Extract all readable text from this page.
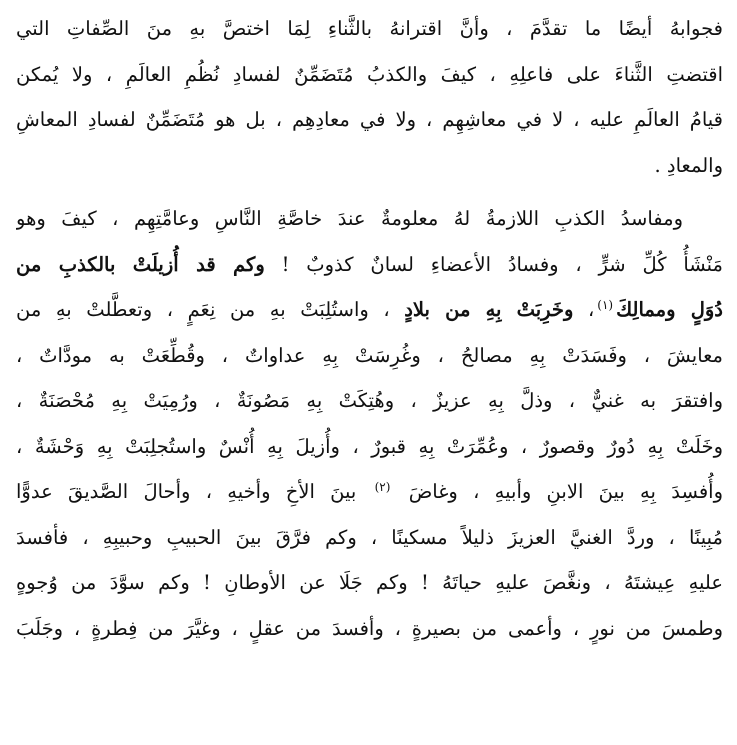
فجوابهُ أيضًا ما تقدَّمَ ، وأنَّ اقترانهُ بالثَّناءِ لِمَا اختصَّ بهِ منَ الصِّفاتِ التي
اقتضتِ الثَّناءَ على فاعلِهِ ، كيفَ والكذبُ مُتَضَمِّنٌ لفسادِ نُظُمِ العالَمِ ، ولا يُمكن
قيامُ العالَمِ عليه ، لا في معاشِهِم ، ولا في معادِهِم ، بل هو مُتَضَمِّنٌ لفسادِ المعاشِ
والمعادِ .
ومفاسدُ الكذبِ اللازمةُ لهُ معلومةٌ عندَ خاصَّةِ النَّاسِ وعامَّتِهِم ، كيفَ وهو
مَنْشَأُ كُلِّ شرٍّ ، وفسادُ الأعضاءِ لسانٌ كذوبٌ ! وكم قد أُزيلَتْ بالكذبِ من
دُوَلٍ وممالِكَ$^{(١)}$، وخَرِبَتْ بِهِ من بلادٍ ، واستُلِبَتْ بهِ من نِعَمٍ ، وتعطَّلتْ بهِ من
معايشَ ، وفَسَدَتْ بِهِ مصالحُ ، وغُرِسَتْ بِهِ عداواتٌ ، وقُطِّعَتْ به مودَّاتٌ ،
وافتقرَ به غنيٌّ ، وذلَّ بِهِ عزيزٌ ، وهُتِكَتْ بِهِ مَصُونَةٌ ، ورُمِيَتْ بِهِ مُحْصَنَةٌ ،
وخَلَتْ بِهِ دُورٌ وقصورٌ ، وعُمِّرَتْ بِهِ قبورٌ ، وأُزيلَ بِهِ أُنْسٌ واستُجلِبَتْ بِهِ وَحْشَةٌ ،
وأُفسِدَ بِهِ بينَ الابنِ وأبيهِ ، وغاضَ $^{(٢)}$ بينَ الأخِ وأخيهِ ، وأحالَ الصَّديقَ عدوًّا
مُبِينًا ، وردَّ الغنيَّ العزيزَ ذليلاً مسكينًا ، وكم فرَّقَ بينَ الحبيبِ وحبيبِهِ ، فأفسدَ
عليهِ عِيشتَهُ ، ونغَّصَ عليهِ حياتَهُ ! وكم جَلَا عن الأوطانِ ! وكم سوَّدَ من وُجوهٍ
وطمسَ من نورٍ ، وأعمى من بصيرةٍ ، وأفسدَ من عقلٍ ، وغيَّرَ من فِطرةٍ ، وجَلَبَ
